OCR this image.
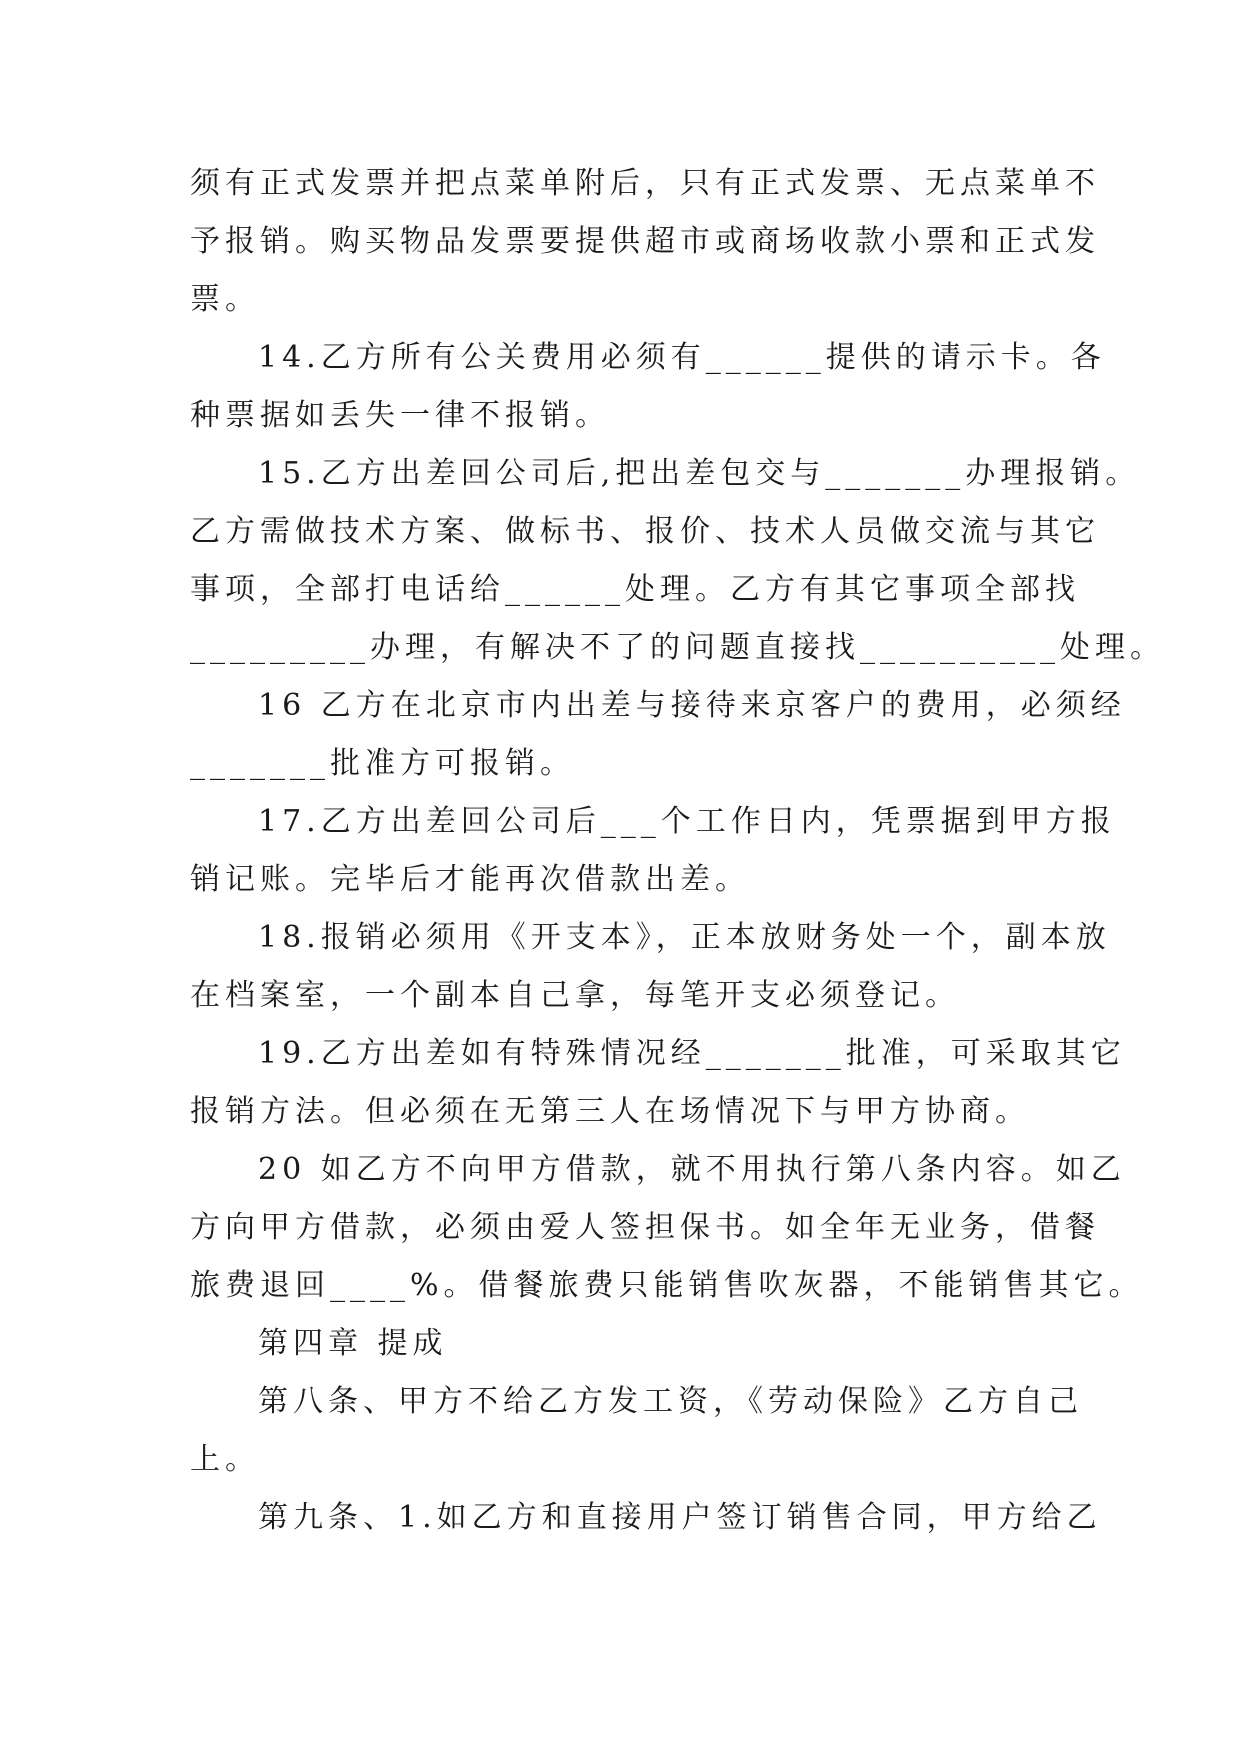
须有正式发票并把点菜单附后，只有正式发票、无点菜单不
予报销。购买物品发票要提供超市或商场收款小票和正式发
票。
14.乙方所有公关费用必须有______提供的请示卡。各
种票据如丢失一律不报销。
15.乙方出差回公司后,把出差包交与_______办理报销。
乙方需做技术方案、做标书、报价、技术人员做交流与其它
事项，全部打电话给______处理。乙方有其它事项全部找
_________办理，有解决不了的问题直接找__________处理。
16 乙方在北京市内出差与接待来京客户的费用，必须经
_______批准方可报销。
17.乙方出差回公司后___个工作日内，凭票据到甲方报
销记账。完毕后才能再次借款出差。
18.报销必须用《开支本》，正本放财务处一个，副本放
在档案室，一个副本自己拿，每笔开支必须登记。
19.乙方出差如有特殊情况经_______批准，可采取其它
报销方法。但必须在无第三人在场情况下与甲方协商。
20 如乙方不向甲方借款，就不用执行第八条内容。如乙
方向甲方借款，必须由爱人签担保书。如全年无业务，借餐
旅费退回____%。借餐旅费只能销售吹灰器，不能销售其它。
第四章 提成
第八条、甲方不给乙方发工资，《劳动保险》乙方自己
上。
第九条、1.如乙方和直接用户签订销售合同，甲方给乙
